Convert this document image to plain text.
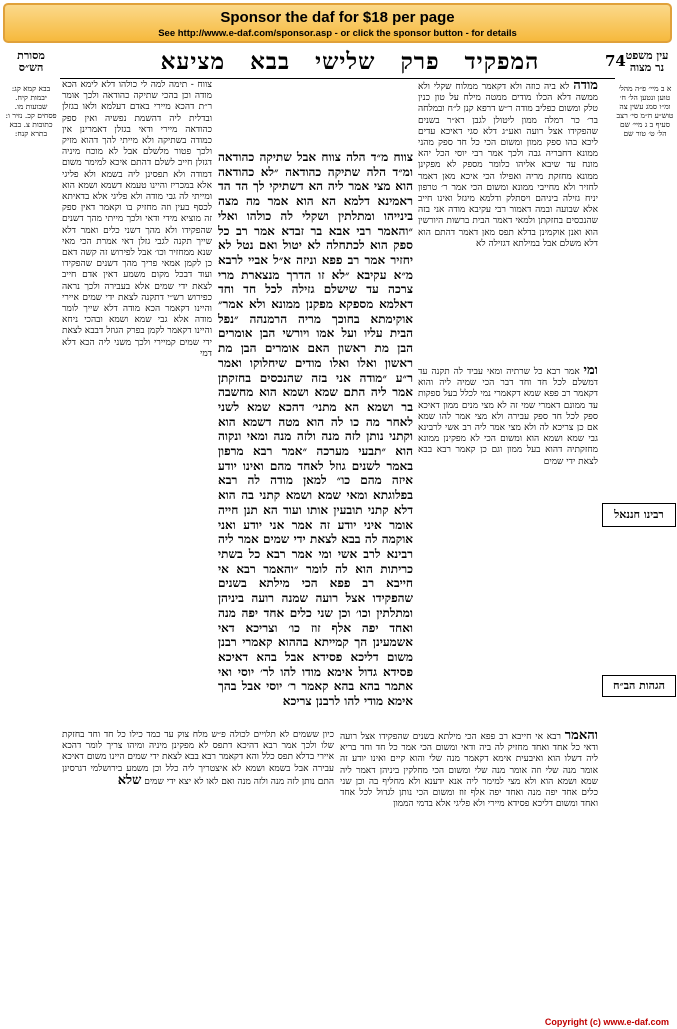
Sponsor the daf for $18 per page
See http://www.e-daf.com/sponsor.asp - or click the sponsor button - for details
מסורת הש״ס	74 עין משפט נר מצוה
המפקיד פרק שלישי בבא מציעא
א ב מיי׳ פ״ה מהל׳ טוען ונטען הל׳ ח׳ ומ״ו סמג עשין צה טוש״ע ח״מ סי׳ רצב סעיף ב ג מיי׳ שם הל׳ ט׳ טור שם
רבינו חננאל
הגהות הב״ח
בבא קמא קג: יבמות קיח. שבועות מו. פסחים קכ. נזיר ו: כתובות צ. בבא בתרא קנח:
מודה לא ביה כוזה ולא דקאמר ממלוח שקלי ולא ממשה דלא הכלו מודים ממטה מילח על טון כנין טלק ומשום כפליב מודה ר״ש דרפא קנן ל״ח ובמלחה בר׳ כר רמלה ממון ליטולן לגבן רא״ר בשנים שהפקידו אצל רועה ואע״ג דלא סגי דאיכא עדים ליכא בהו ספק ממון ומשום הכי כל חד ספק מהני ממונא דחבריה גבה ולכך אמר רבי יוסי הכל יהא מונח עד שיבא אליהו כלומר מספק לא מפקינן ממונא מחזקת מריה ואפילו הכי איכא מאן דאמר לחזיר ולא מחייבי ממונא ומשום הכי אמר ר׳ טרפון יניח גזילה ביניהם ויסתלק ודלמא מיגזל ואינו חייב אלא שבועה ובמה דאמור רבי עקיבא מודה אני בזה שהנכסים בחזקתן ולמאי דאמר הבית ברשות היורשין הוא ואנן אוקמינן בדלא תפס מאן דאמר דהתם הוא דלא משלם אבל במילתא דגזילה לא
ומי אמר רבא כל שרתיה ומאי עביד לה תקנה עד דמשלם לכל חד וחד דבר הכי שמיה ליה והוא דקאמר רב פפא שמא דקאמרי נמי לכלל בעל ספקות עד ממונם דאמרי שמי זה לא מצי מנים ממון דאיכא ספק לכל חד ספק עבירה ולא מצי אמר להו שמא אם כן צריכא לה ולא מצי אמר ליה רב אשי לרבינא גבי שמא ושמא הוא ומשום הכי לא מפקינן ממונא מחזקתיה דהוא בעל ממון וגם כן קאמר רבא בבא לצאת ידי שמים
צווח - תימה למה לי כולהו דלא לימא הכא מודה וכן בהכי שתיקה כהודאה ולכך אומר ר״ת דהכא מיירי באדם דעלמא ולאו בגזלן ובדלית ליה דהשמת נפשיה ואין ספק כהודאה מיירי ודאי בגזלן דאמרינן אין כמודה בשתיקה ולא מייתי להך דהוא מזיק ולכך פטור מלשלם אבל לא מוכח מיניה דגזלן חייב לשלם דהתם איכא למימר משום דמודה ולא תפסינן ליה בשמא ולא פליגי אלא במכריז והיינו טעמא דשמא ושמא הוא ומייתי לה גבי מודה ולא פליגי אלא בדאיתא לכסף בעין וזה מחזיק בו וקאמר דאין ספק זה מוציא מידי ודאי ולכך מייתי מהך דשנים שהפקידו ולא מהך דשני כלים ואמר דלא שייך תקנה לגבי גזלן דאי אמרת הכי מאי שנא ממחזיר וכו׳ אבל לפירוש זה קשה דאם כן לקמן אמאי פריך מהך דשנים שהפקידו ועוד דבכל מקום משמע דאין אדם חייב לצאת ידי שמים אלא בעבירה ולכך נראה כפירוש רש״י דתקנה לצאת ידי שמים איירי והיינו דקאמר הכא מודה דלא שייך לומר מודה אלא גבי שמא ושמא ובהכי ניחא והיינו דקאמר לקמן בפרק הגוזל דבבא לצאת ידי שמים קמיירי ולכך משני ליה הכא דלא דמי
צווח מ״ד הלה צווח אבל שתיקה כהודאה ומ״ד הלה שתיקה כהודאה ״לא כהודאה הוא מצי אמר ליה הא דשתיקי לך הד הד ראמינא דלמא הא הוא אמר מה מצה בינייהו ומתלתין ושקלי לה כולהו ואלי ״והאמר רבי אבא בר זבדא אמר רב כל ספק הוא לכתחלה לא יטול ואם נטל לא יחזיר אמר רב פפא וניזה א״ל אביי לרבא מ״א עקיבא ״לא זו הדרך מנצארת מרי צרכה עד שישלם גזילה לכל חד וחד דאלמא מספקא מפקנן ממונא ולא אמר״ אוקימתא בחוכך מריה הרמנהה ״נפל הבית עליו ועל אמו ויורשי הבן אומרים הבן מת ראשון האם אומרים הבן מת ראשון ואלו ואלו מודים שיחלוקו ואמר ר״ע ״מודה אני בזה שהנכסים בחזקתן אמר ליה התם שמא ושמא הוא מחשבה בר ושמא הא מתני׳ דהכא שמא לשני לאחר מה כו לה הוא מטה דשמא הוא וקתני נותן לזה מנה ולזה מנה ומאי ונקוה הוא ״תבעי מערכה ״אמר רבא מרפון באמר לשנים גוזל לאחד מהם ואינו יודע איזה מהם כו״ למאן מודה לה רבא בפלוגתא ומאי שמא ושמא קתני בה הוא דלא קתני תובעין אותו ועוד הא תנן חייה אומר איני יודע זה אמר אני יודע ואני אוקמה לה בבא לצאת ידי שמים אמר ליה רבינא לרב אשי ומי אמר רבא כל בשתי כריתות הוא לה לומר ״והאמר רבא אי חייבא רב פפא הכי מילתא בשנים שהפקידו אצל רועה שמנה רועה ביניהן ומתלתין וכו׳ וכן שני כלים אחד יפה מנה ואחד יפה אלף זוז כו׳ וצריכא דאי אשמעינן הך קמייתא בההוא קאמרי רבנן משום דליכא פסידא אבל בהא דאיכא פסידא גדול אימא מודו להו לר׳ יוסי ואי אתמר בהא בהא קאמר ר׳ יוסי אבל בהך אימא מודי להו לרבנן צריכא
והאמר רבא אי חייבא רב פפא הכי מילתא בשנים שהפקידו אצל רועה ודאי כל אחד ואחד מחזיק לה ביה ודאי ומשום הכי אמר כל חד וחד בריא ליה דשלו הוא ואיבעית אימא דקאמר מנה שלי והוא קיים ואינו יודע זה אומר מנה שלי וזה אומר מנה שלי ומשום הכי מחלקין ביניהן דאמר ליה שמא ושמא הוא ולא מצי למימר ליה אנא ידענא ולא מחליף בה וכן שני כלים אחד יפה מנה ואחד יפה אלף זוז ומשום הכי נותן לגדול לכל אחד ואחד ומשום דליכא פסידא מיירי ולא פליגי אלא בדמי הממון
כיון ששמים לא תלויים לכולה פ״ש מלח צוק עד כמד כילו כל חד וחד בחזקת שלו ולכך אמר רבא דהיכא דתפס לא מפקינן מיניה ומיהו צריך לומר דהכא איירי בדלא תפס כלל והא דקאמר רבא בבא לצאת ידי שמים היינו משום דאיכא עבירה אבל בשמא ושמא לא איצטריך ליה כלל וכן משמע בירושלמי דגרסינן התם נותן לזה מנה ולזה מנה ואם לאו לא יצא ידי שמים שלא
Copyright (c) www.e-daf.com
